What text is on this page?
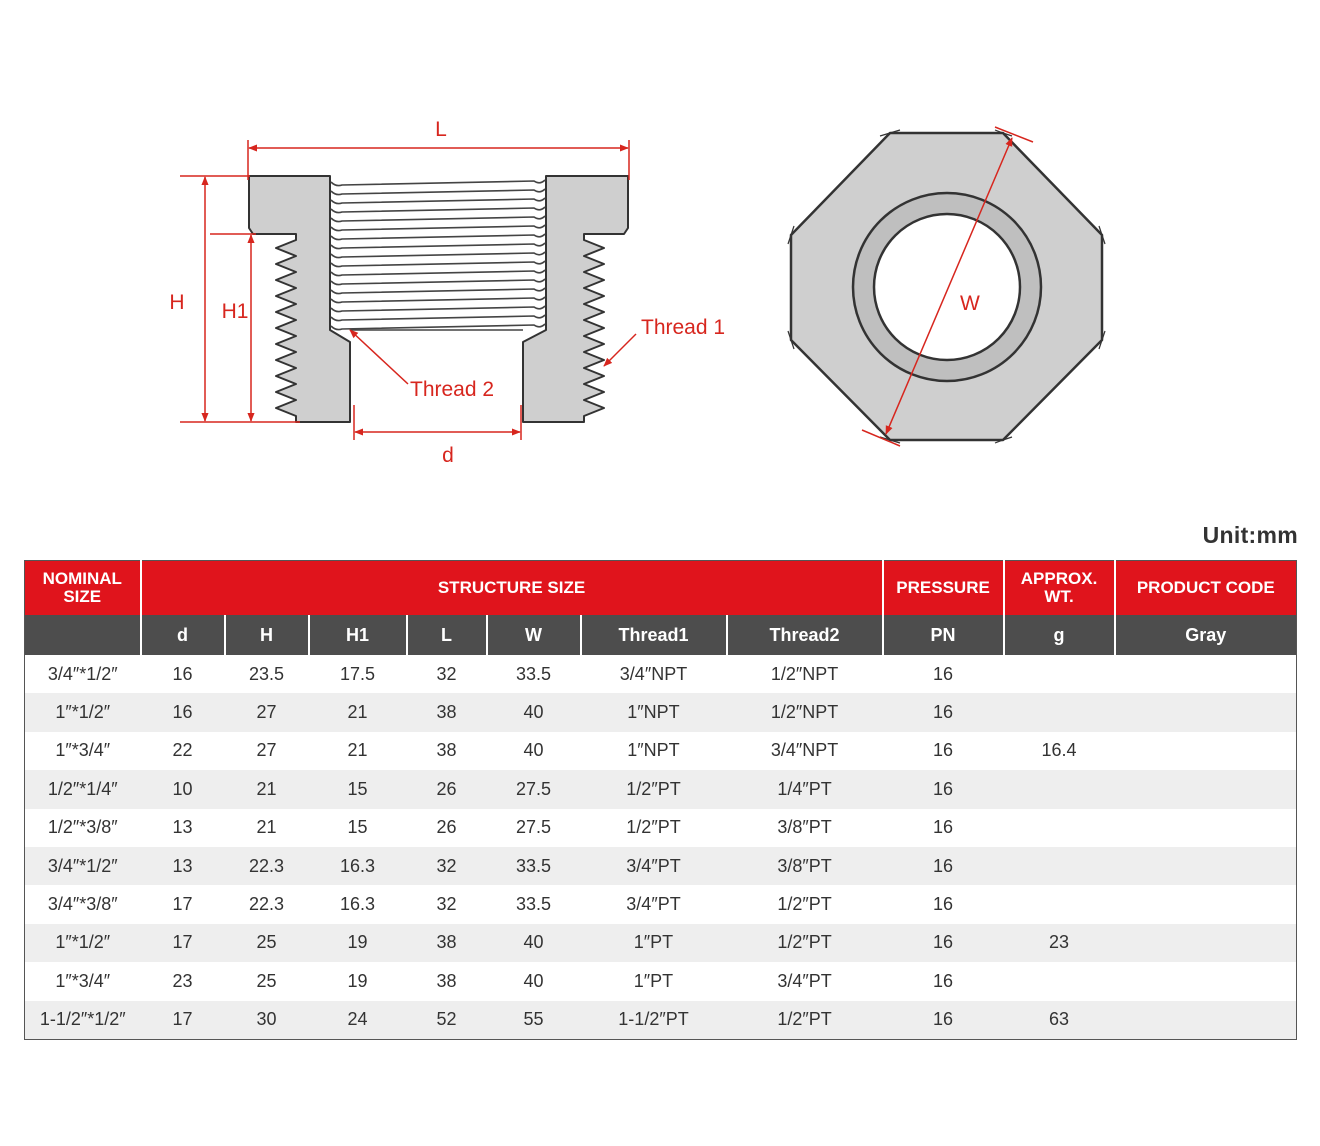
L
H H1
d
Thread 1
Thread 2
W
Unit:mm
NOMINAL SIZE	STRUCTURE SIZE							PRESSURE	APPROX. WT.	PRODUCT CODE
	d	H	H1	L	W	Thread1	Thread2	PN	g	Gray
3/4″*1/2″	16	23.5	17.5	32	33.5	3/4″NPT	1/2″NPT	16		
1″*1/2″	16	27	21	38	40	1″NPT	1/2″NPT	16		
1″*3/4″	22	27	21	38	40	1″NPT	3/4″NPT	16	16.4	
1/2″*1/4″	10	21	15	26	27.5	1/2″PT	1/4″PT	16		
1/2″*3/8″	13	21	15	26	27.5	1/2″PT	3/8″PT	16		
3/4″*1/2″	13	22.3	16.3	32	33.5	3/4″PT	3/8″PT	16		
3/4″*3/8″	17	22.3	16.3	32	33.5	3/4″PT	1/2″PT	16		
1″*1/2″	17	25	19	38	40	1″PT	1/2″PT	16	23	
1″*3/4″	23	25	19	38	40	1″PT	3/4″PT	16		
1-1/2″*1/2″	17	30	24	52	55	1-1/2″PT	1/2″PT	16	63	
